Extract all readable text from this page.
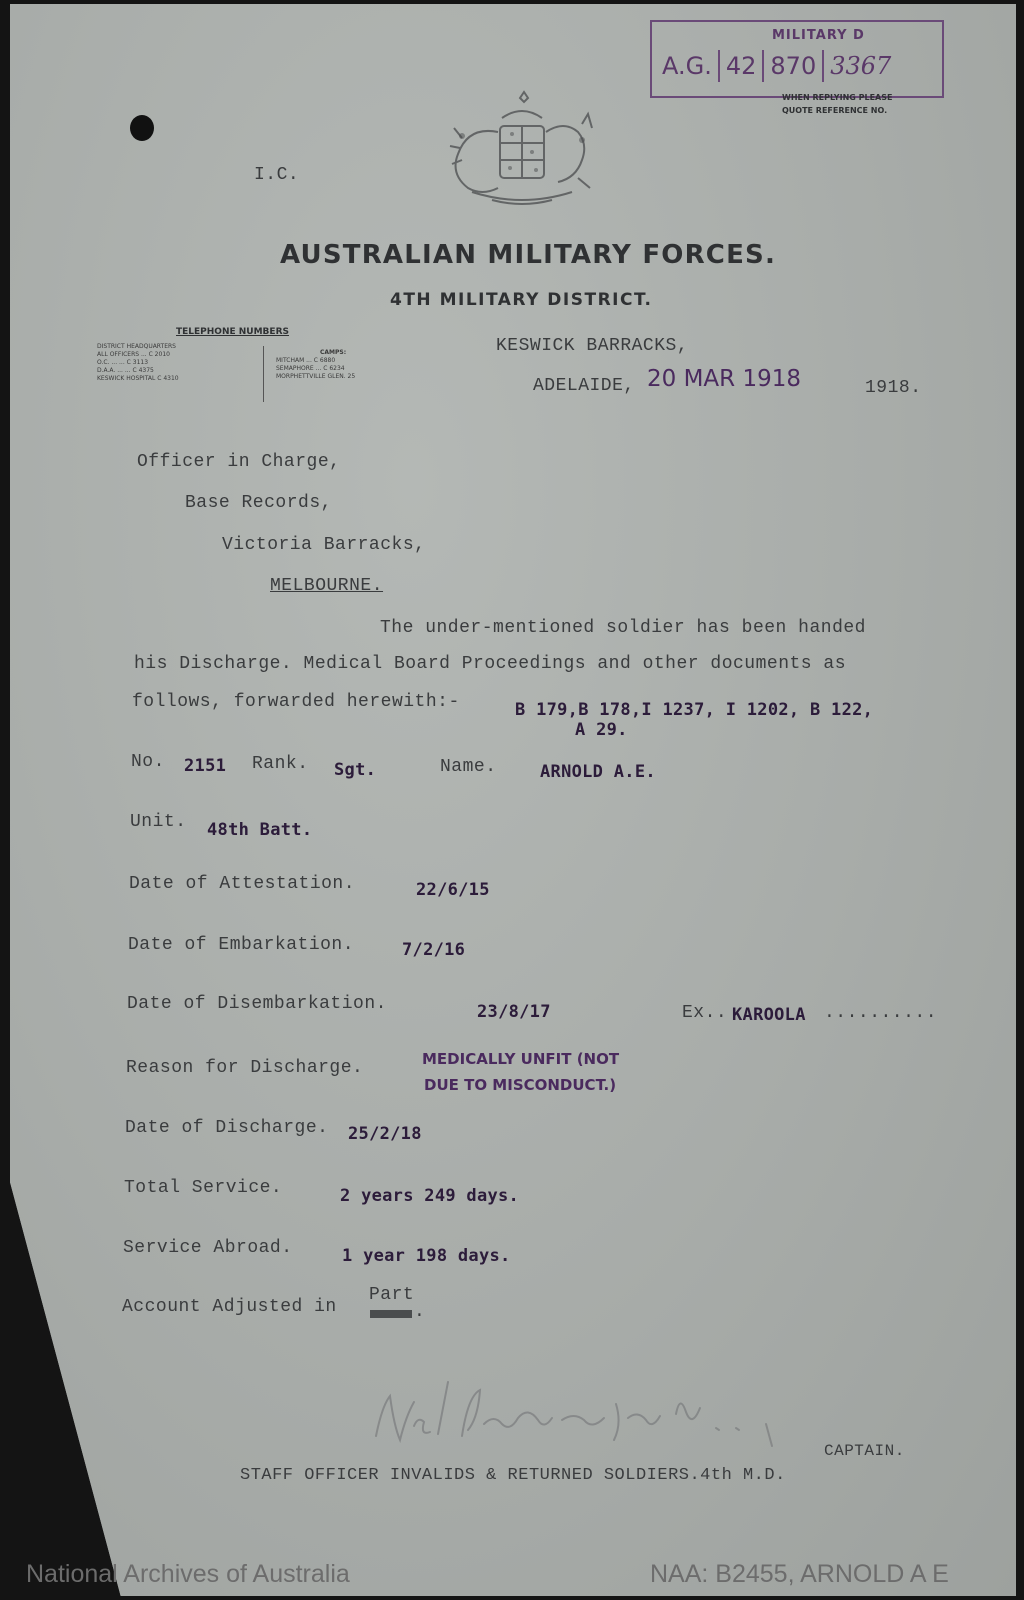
MILITARY D
A.G. 42 870 3367
WHEN REPLYING PLEASE
QUOTE REFERENCE NO.
I.C.
AUSTRALIAN MILITARY FORCES.
4TH MILITARY DISTRICT.
TELEPHONE NUMBERS
DISTRICT HEADQUARTERS
ALL OFFICERS ... C 2010
O.C. ... ... C 3113
D.A.A. ... ... C 4375
KESWICK HOSPITAL C 4310
CAMPS:
MITCHAM ... C 6880
SEMAPHORE ... C 6234
MORPHETTVILLE GLEN. 25
KESWICK BARRACKS,
ADELAIDE, 20 MAR 1918	1918.
Officer in Charge,
Base Records,
Victoria Barracks,
MELBOURNE.
The under-mentioned soldier has been handed
his Discharge. Medical Board Proceedings and other documents as
follows, forwarded herewith:-	B 179,B 178,I 1237, I 1202, B 122,
A 29.
No. 2151 Rank. Sgt.	Name.	ARNOLD A.E.
Unit. 48th Batt.
Date of Attestation.	22/6/15
Date of Embarkation.	7/2/16
Date of Disembarkation.	23/8/17	Ex.. KAROOLA ..........
Reason for Discharge.	MEDICALLY UNFIT (NOT
DUE TO MISCONDUCT.)
Date of Discharge. 25/2/18
Total Service.	2 years 249 days.
Service Abroad.	1 year 198 days.
Account Adjusted in
Part
.
CAPTAIN.
STAFF OFFICER INVALIDS & RETURNED SOLDIERS.4th M.D.
National Archives of Australia	NAA: B2455, ARNOLD A E
